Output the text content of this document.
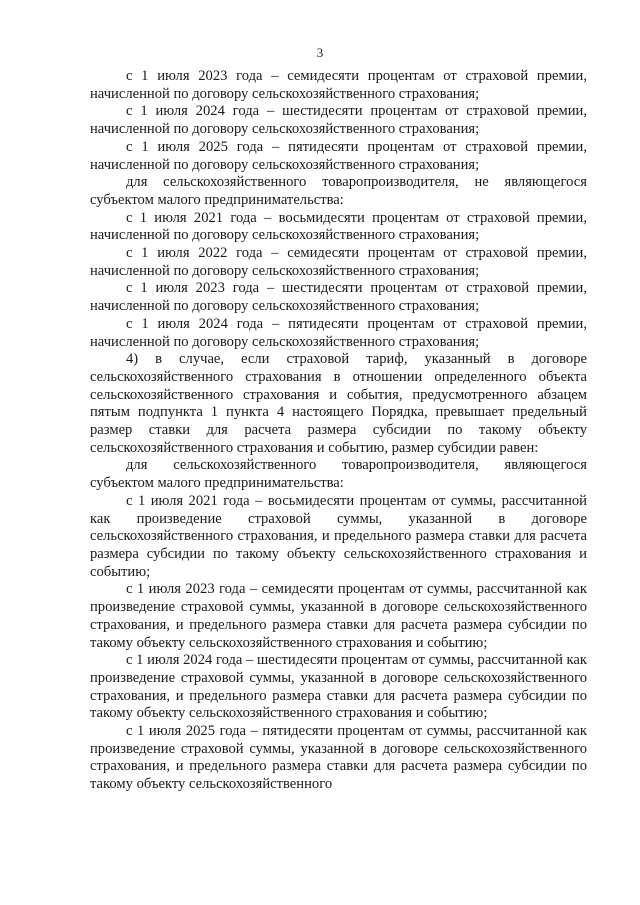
3

с 1 июля 2023 года – семидесяти процентам от страховой премии, начисленной по договору сельскохозяйственного страхования;

с 1 июля 2024 года – шестидесяти процентам от страховой премии, начисленной по договору сельскохозяйственного страхования;

с 1 июля 2025 года – пятидесяти процентам от страховой премии, начисленной по договору сельскохозяйственного страхования;

для сельскохозяйственного товаропроизводителя, не являющегося субъектом малого предпринимательства:

с 1 июля 2021 года – восьмидесяти процентам от страховой премии, начисленной по договору сельскохозяйственного страхования;

с 1 июля 2022 года – семидесяти процентам от страховой премии, начисленной по договору сельскохозяйственного страхования;

с 1 июля 2023 года – шестидесяти процентам от страховой премии, начисленной по договору сельскохозяйственного страхования;

с 1 июля 2024 года – пятидесяти процентам от страховой премии, начисленной по договору сельскохозяйственного страхования;

4) в случае, если страховой тариф, указанный в договоре сельскохозяйственного страхования в отношении определенного объекта сельскохозяйственного страхования и события, предусмотренного абзацем пятым подпункта 1 пункта 4 настоящего Порядка, превышает предельный размер ставки для расчета размера субсидии по такому объекту сельскохозяйственного страхования и событию, размер субсидии равен:

для сельскохозяйственного товаропроизводителя, являющегося субъектом малого предпринимательства:

с 1 июля 2021 года – восьмидесяти процентам от суммы, рассчитанной как произведение страховой суммы, указанной в договоре сельскохозяйственного страхования, и предельного размера ставки для расчета размера субсидии по такому объекту сельскохозяйственного страхования и событию;

с 1 июля 2023 года – семидесяти процентам от суммы, рассчитанной как произведение страховой суммы, указанной в договоре сельскохозяйственного страхования, и предельного размера ставки для расчета размера субсидии по такому объекту сельскохозяйственного страхования и событию;

с 1 июля 2024 года – шестидесяти процентам от суммы, рассчитанной как произведение страховой суммы, указанной в договоре сельскохозяйственного страхования, и предельного размера ставки для расчета размера субсидии по такому объекту сельскохозяйственного страхования и событию;

с 1 июля 2025 года – пятидесяти процентам от суммы, рассчитанной как произведение страховой суммы, указанной в договоре сельскохозяйственного страхования, и предельного размера ставки для расчета размера субсидии по такому объекту сельскохозяйственного
